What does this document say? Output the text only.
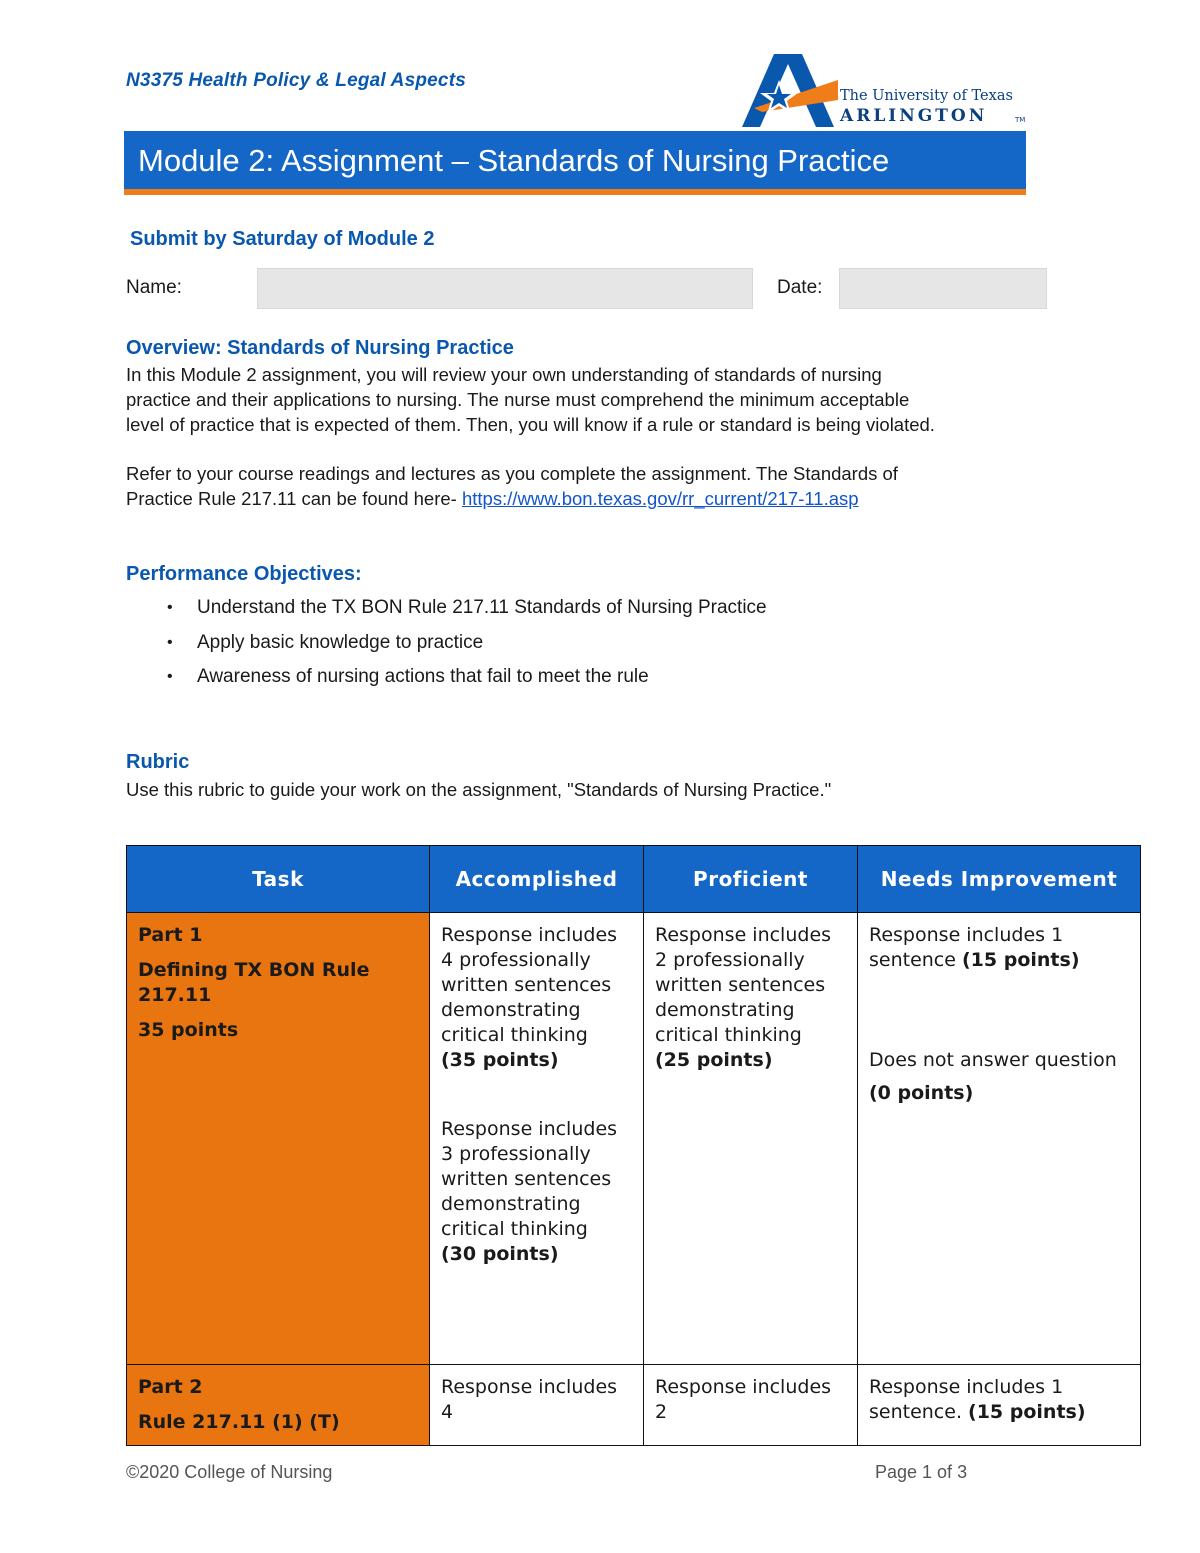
N3375 Health Policy & Legal Aspects
The University of Texas
ARLINGTON	TM
Module 2: Assignment – Standards of Nursing Practice
Submit by Saturday of Module 2
Name:	Date:
Overview: Standards of Nursing Practice
In this Module 2 assignment, you will review your own understanding of standards of nursing
practice and their applications to nursing. The nurse must comprehend the minimum acceptable
level of practice that is expected of them. Then, you will know if a rule or standard is being violated.
Refer to your course readings and lectures as you complete the assignment. The Standards of
Practice Rule 217.11 can be found here- https://www.bon.texas.gov/rr_current/217-11.asp
Performance Objectives:
• Understand the TX BON Rule 217.11 Standards of Nursing Practice
• Apply basic knowledge to practice
• Awareness of nursing actions that fail to meet the rule
Rubric
Use this rubric to guide your work on the assignment, "Standards of Nursing Practice."
Task	Accomplished	Proficient	Needs Improvement

Part 1
Defining TX BON Rule 217.11
35 points	Response includes 4 professionally written sentences demonstrating critical thinking
(35 points)
Response includes 3 professionally written sentences demonstrating critical thinking
(30 points)	Response includes 2 professionally written sentences demonstrating critical thinking
(25 points)	Response includes 1 sentence (15 points)
Does not answer question
(0 points)

Part 2
Rule 217.11 (1) (T)	Response includes 4	Response includes 2	Response includes 1 sentence. (15 points)
©2020 College of Nursing	Page 1 of 3
